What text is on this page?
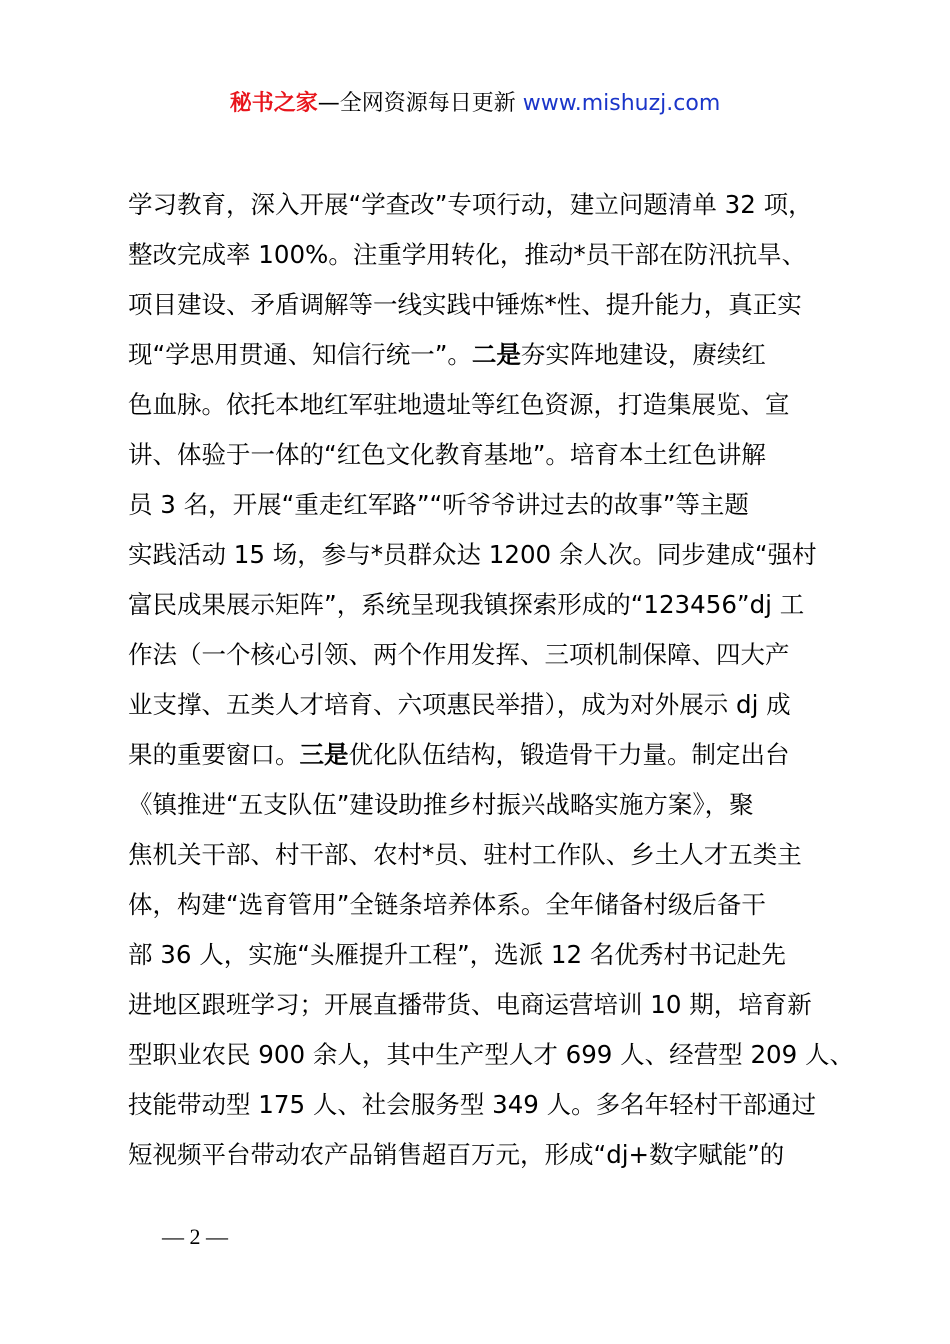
秘书之家—全网资源每日更新 www.mishuzj.com
学习教育，深入开展“学查改”专项行动，建立问题清单 32 项，
整改完成率 100%。注重学用转化，推动*员干部在防汛抗旱、
项目建设、矛盾调解等一线实践中锤炼*性、提升能力，真正实
现“学思用贯通、知信行统一”。二是夯实阵地建设，赓续红
色血脉。依托本地红军驻地遗址等红色资源，打造集展览、宣
讲、体验于一体的“红色文化教育基地”。培育本土红色讲解
员 3 名，开展“重走红军路”“听爷爷讲过去的故事”等主题
实践活动 15 场，参与*员群众达 1200 余人次。同步建成“强村
富民成果展示矩阵”，系统呈现我镇探索形成的“123456”dj 工
作法（一个核心引领、两个作用发挥、三项机制保障、四大产
业支撑、五类人才培育、六项惠民举措），成为对外展示 dj 成
果的重要窗口。三是优化队伍结构，锻造骨干力量。制定出台
《镇推进“五支队伍”建设助推乡村振兴战略实施方案》，聚
焦机关干部、村干部、农村*员、驻村工作队、乡土人才五类主
体，构建“选育管用”全链条培养体系。全年储备村级后备干
部 36 人，实施“头雁提升工程”，选派 12 名优秀村书记赴先
进地区跟班学习；开展直播带货、电商运营培训 10 期，培育新
型职业农民 900 余人，其中生产型人才 699 人、经营型 209 人、
技能带动型 175 人、社会服务型 349 人。多名年轻村干部通过
短视频平台带动农产品销售超百万元，形成“dj+数字赋能”的
— 2 —
